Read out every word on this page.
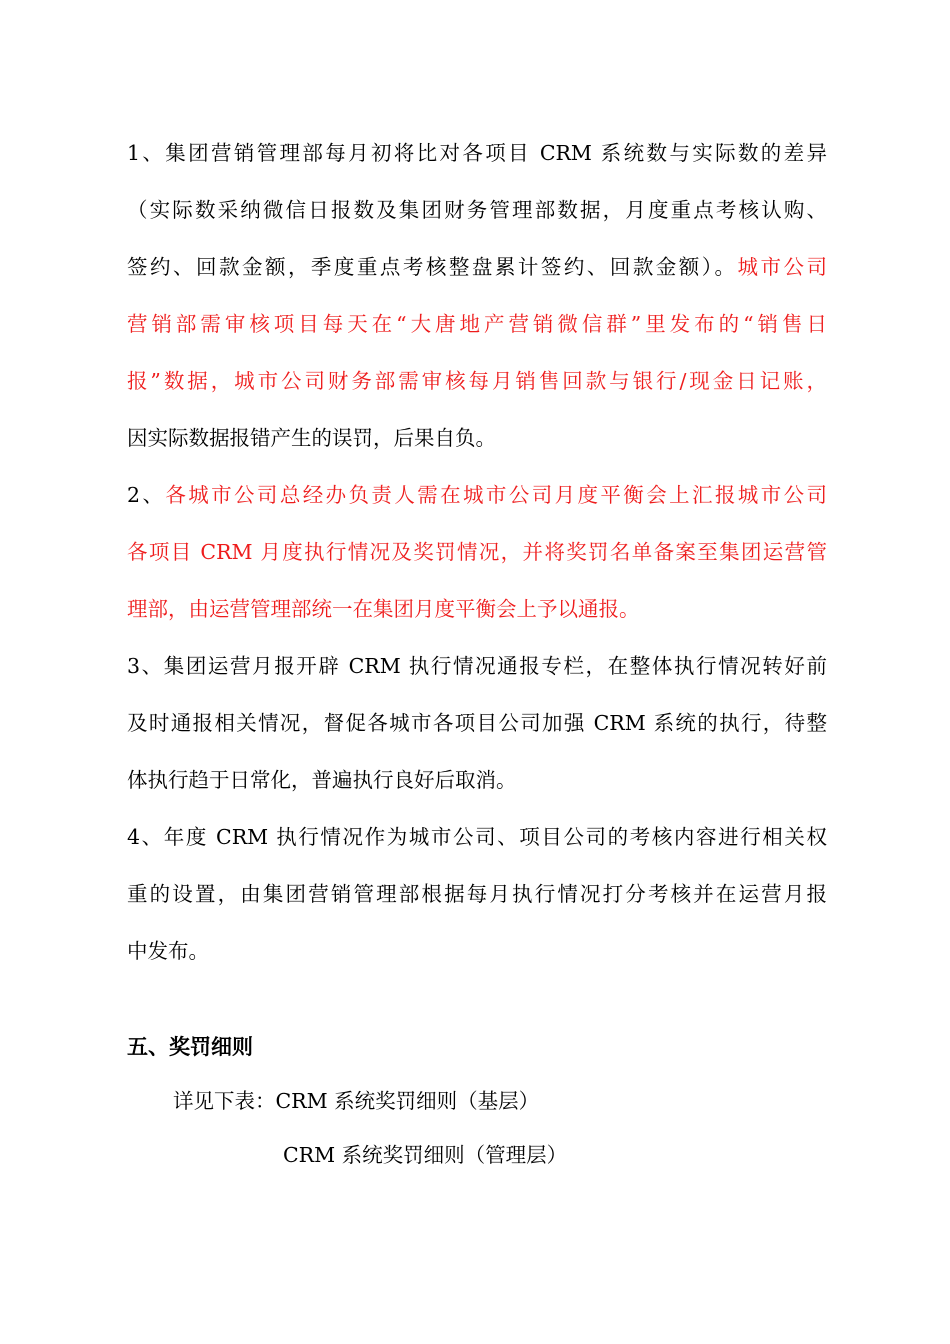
1、集团营销管理部每月初将比对各项目 CRM 系统数与实际数的差异
（实际数采纳微信日报数及集团财务管理部数据，月度重点考核认购、
签约、回款金额，季度重点考核整盘累计签约、回款金额）。城市公司
营销部需审核项目每天在“大唐地产营销微信群”里发布的“销售日
报”数据，城市公司财务部需审核每月销售回款与银行/现金日记账，
因实际数据报错产生的误罚，后果自负。
2、各城市公司总经办负责人需在城市公司月度平衡会上汇报城市公司
各项目 CRM 月度执行情况及奖罚情况，并将奖罚名单备案至集团运营管
理部，由运营管理部统一在集团月度平衡会上予以通报。
3、集团运营月报开辟 CRM 执行情况通报专栏，在整体执行情况转好前
及时通报相关情况，督促各城市各项目公司加强 CRM 系统的执行，待整
体执行趋于日常化，普遍执行良好后取消。
4、年度 CRM 执行情况作为城市公司、项目公司的考核内容进行相关权
重的设置，由集团营销管理部根据每月执行情况打分考核并在运营月报
中发布。
五、奖罚细则
详见下表：CRM 系统奖罚细则（基层）
CRM 系统奖罚细则（管理层）
